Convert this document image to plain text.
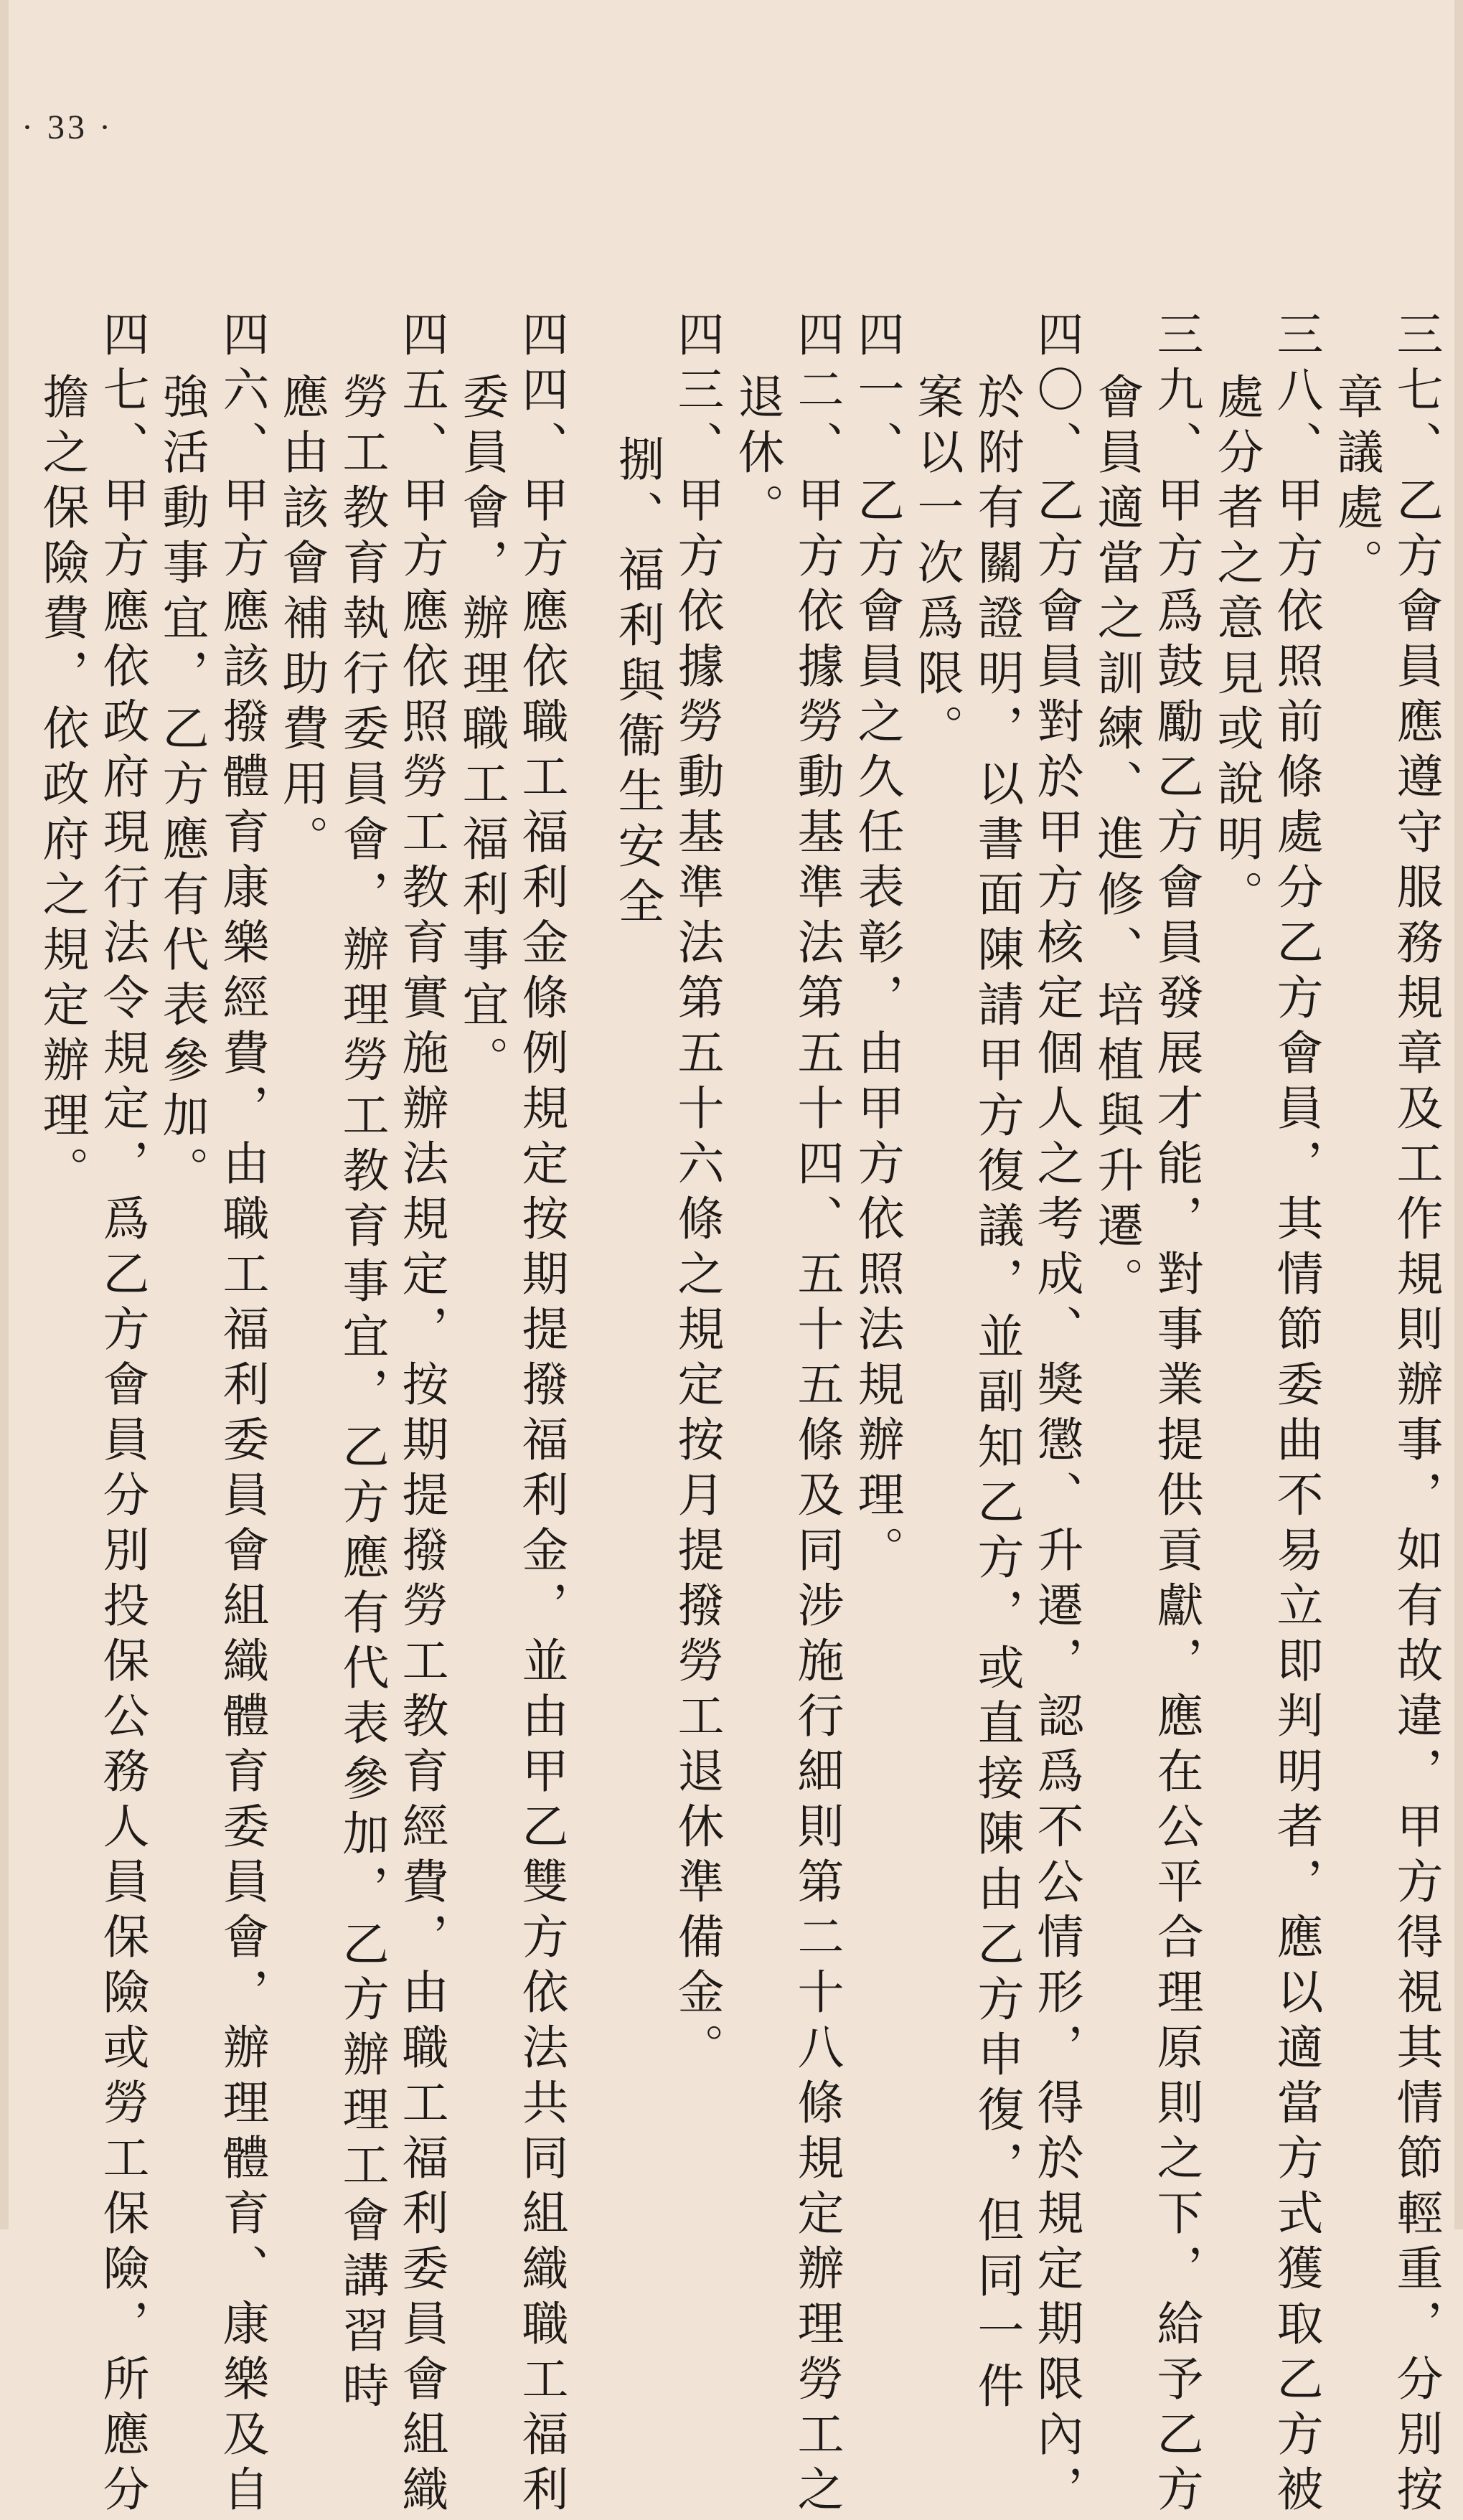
· 33 ·
三七、乙方會員應遵守服務規章及工作規則辦事，如有故違，甲方得視其情節輕重，分別按
章議處。
三八、甲方依照前條處分乙方會員，其情節委曲不易立即判明者，應以適當方式獲取乙方被
處分者之意見或說明。
三九、甲方爲鼓勵乙方會員發展才能，對事業提供貢獻，應在公平合理原則之下，給予乙方
會員適當之訓練、進修、培植與升遷。
四〇、乙方會員對於甲方核定個人之考成、獎懲、升遷，認爲不公情形，得於規定期限內，
於附有關證明，以書面陳請甲方復議，並副知乙方，或直接陳由乙方申復，但同一件
案以一次爲限。
四一、乙方會員之久任表彰，由甲方依照法規辦理。
四二、甲方依據勞動基準法第五十四、五十五條及同涉施行細則第二十八條規定辦理勞工之
退休。
四三、甲方依據勞動基準法第五十六條之規定按月提撥勞工退休準備金。
捌、福利與衞生安全
四四、甲方應依職工福利金條例規定按期提撥福利金，並由甲乙雙方依法共同組織職工福利
委員會，辦理職工福利事宜。
四五、甲方應依照勞工教育實施辦法規定，按期提撥勞工教育經費，由職工福利委員會組織
勞工教育執行委員會，辦理勞工教育事宜，乙方應有代表參加，乙方辦理工會講習時
應由該會補助費用。
四六、甲方應該撥體育康樂經費，由職工福利委員會組織體育委員會，辦理體育、康樂及自
強活動事宜，乙方應有代表參加。
四七、甲方應依政府現行法令規定，爲乙方會員分別投保公務人員保險或勞工保險，所應分
擔之保險費，依政府之規定辦理。
